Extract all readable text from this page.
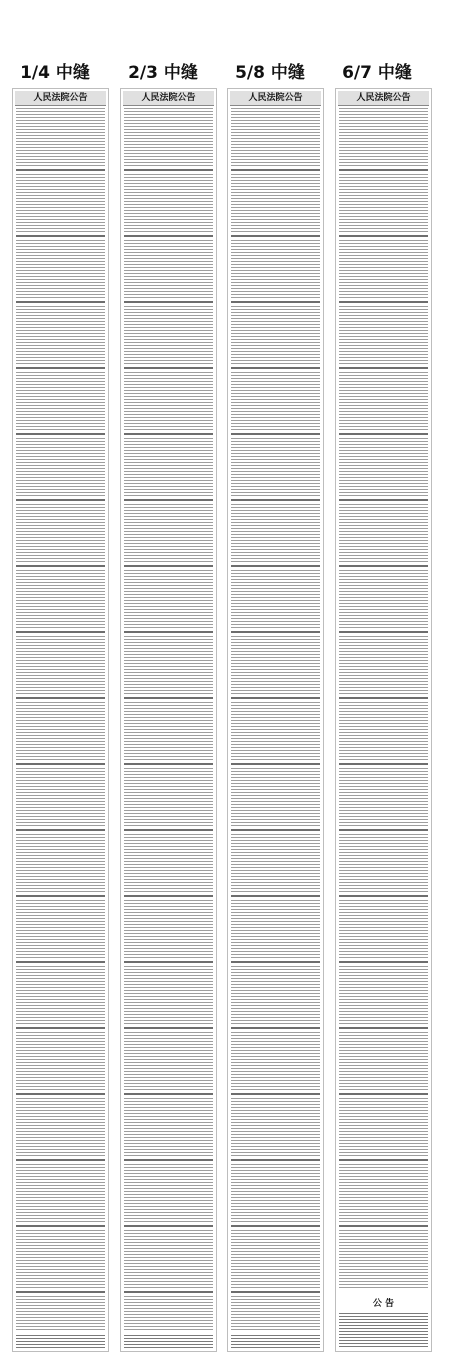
1/4 中缝	2/3 中缝	5/8 中缝	6/7 中缝
人民法院公告	人民法院公告	人民法院公告	人民法院公告
公 告
